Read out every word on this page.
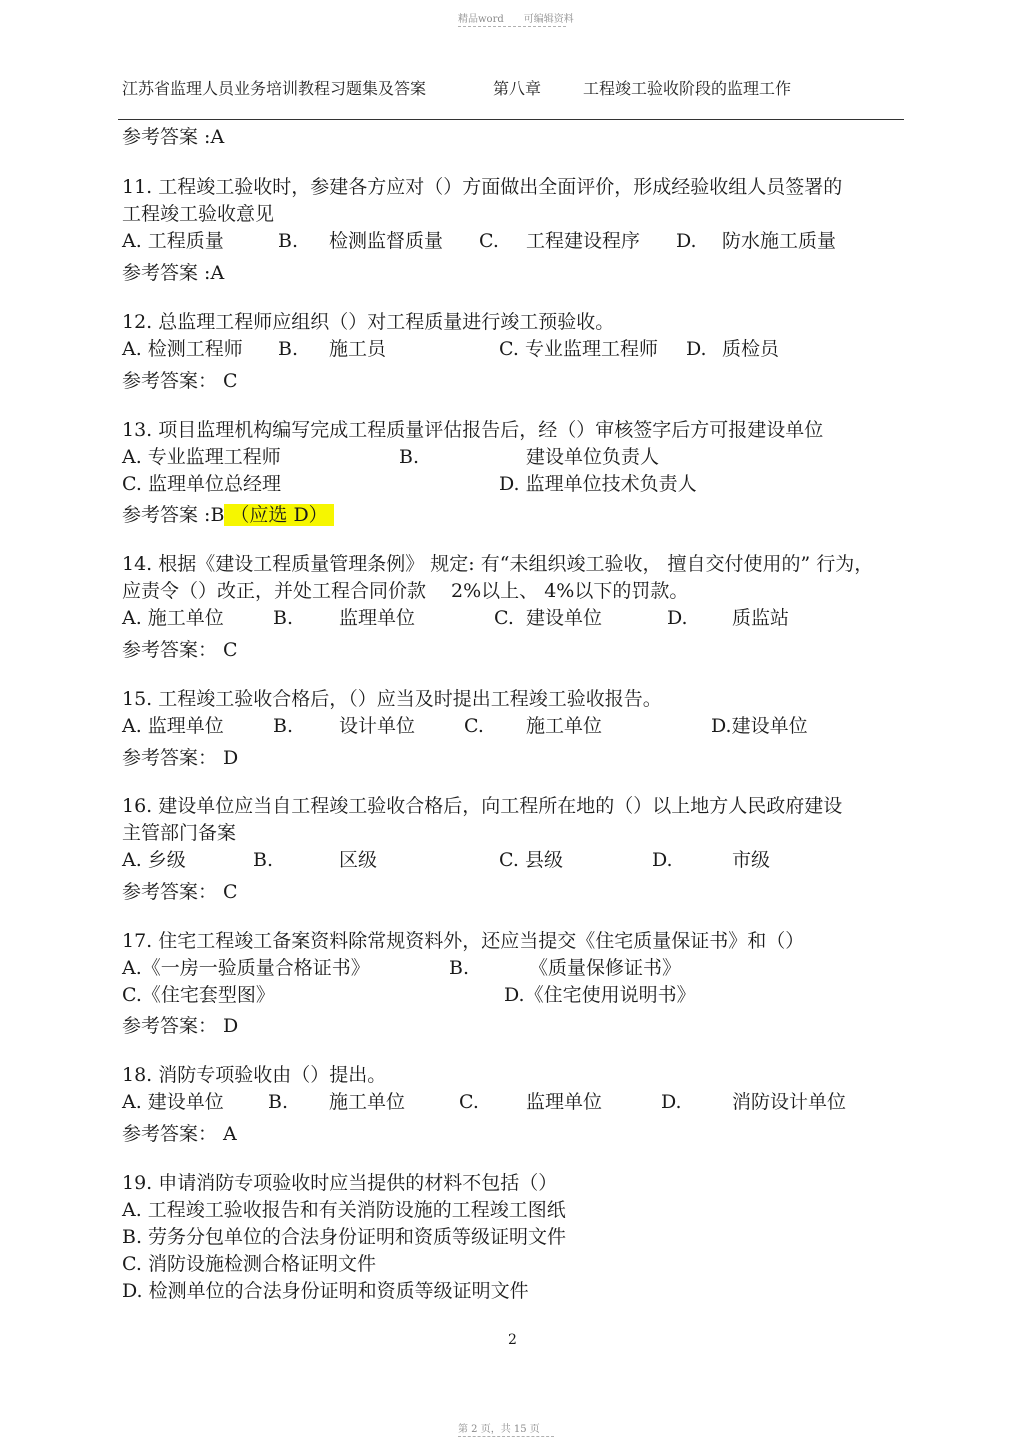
精品word　　可编辑资料
江苏省监理人员业务培训教程习题集及答案	第八章	工程竣工验收阶段的监理工作
参考答案 :A
11. 工程竣工验收时，参建各方应对（）方面做出全面评价，形成经验收组人员签署的
工程竣工验收意见
A. 工程质量	B. 检测监督质量 C. 工程建设程序 D. 防水施工质量
参考答案 :A
12. 总监理工程师应组织（）对工程质量进行竣工预验收。
A. 检测工程师 B. 施工员	C. 专业监理工程师 D. 质检员
参考答案： C
13. 项目监理机构编写完成工程质量评估报告后，经（）审核签字后方可报建设单位
A. 专业监理工程师	B.	建设单位负责人
C. 监理单位总经理	D. 监理单位技术负责人
参考答案 :B （应选 D）
14. 根据《建设工程质量管理条例》 规定: 有“未组织竣工验收， 擅自交付使用的” 行为，
应责令（）改正，并处工程合同价款　 2%以上、 4%以下的罚款。
A. 施工单位	B. 监理单位	C. 建设单位	D. 质监站
参考答案： C
15. 工程竣工验收合格后，（）应当及时提出工程竣工验收报告。
A. 监理单位	B. 设计单位	C. 施工单位	D.建设单位
参考答案： D
16. 建设单位应当自工程竣工验收合格后，向工程所在地的（）以上地方人民政府建设
主管部门备案
A. 乡级	B.	区级	C. 县级	D.	市级
参考答案： C
17. 住宅工程竣工备案资料除常规资料外，还应当提交《住宅质量保证书》和（）
A.《一房一验质量合格证书》	B.	《质量保修证书》
C.《住宅套型图》	D.《住宅使用说明书》
参考答案： D
18. 消防专项验收由（）提出。
A. 建设单位 B. 施工单位	C. 监理单位	D.	消防设计单位
参考答案： A
19. 申请消防专项验收时应当提供的材料不包括（）
A. 工程竣工验收报告和有关消防设施的工程竣工图纸
B. 劳务分包单位的合法身份证明和资质等级证明文件
C. 消防设施检测合格证明文件
D. 检测单位的合法身份证明和资质等级证明文件
2
第 2 页，共 15 页
